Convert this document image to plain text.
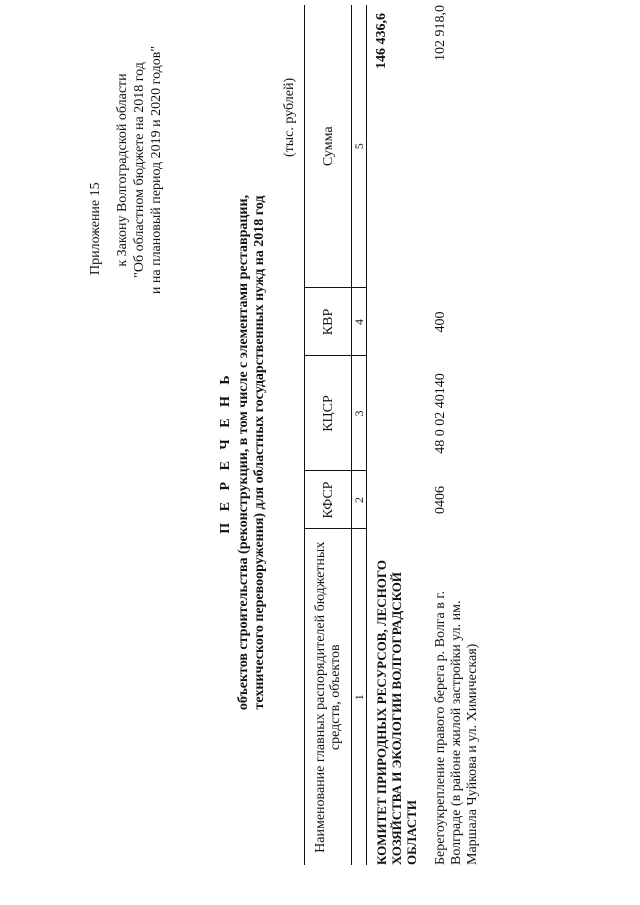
Приложение 15 к Закону Волгоградской области "Об областном бюджете на 2018 год и на плановый период 2019 и 2020 годов"
П Е Р Е Ч Е Н Ь объектов строительства (реконструкции, в том числе с элементами реставрации, технического перевооружения) для областных государственных нужд на 2018 год
(тыс. рублей)
Наименование главных распорядителей бюджетных средств, объектов	КФСР	КЦСР	КВР	Сумма
1	2	3	4	5
КОМИТЕТ ПРИРОДНЫХ РЕСУРСОВ, ЛЕСНОГО ХОЗЯЙСТВА И ЭКОЛОГИИ ВОЛГОГРАДСКОЙ ОБЛАСТИ				146 436,6
Берегоукрепление правого берега р. Волга в г. Волграде (в районе жилой застройки ул. им. Маршала Чуйкова и ул. Химическая)	0406	48 0 02 40140	400	102 918,0
